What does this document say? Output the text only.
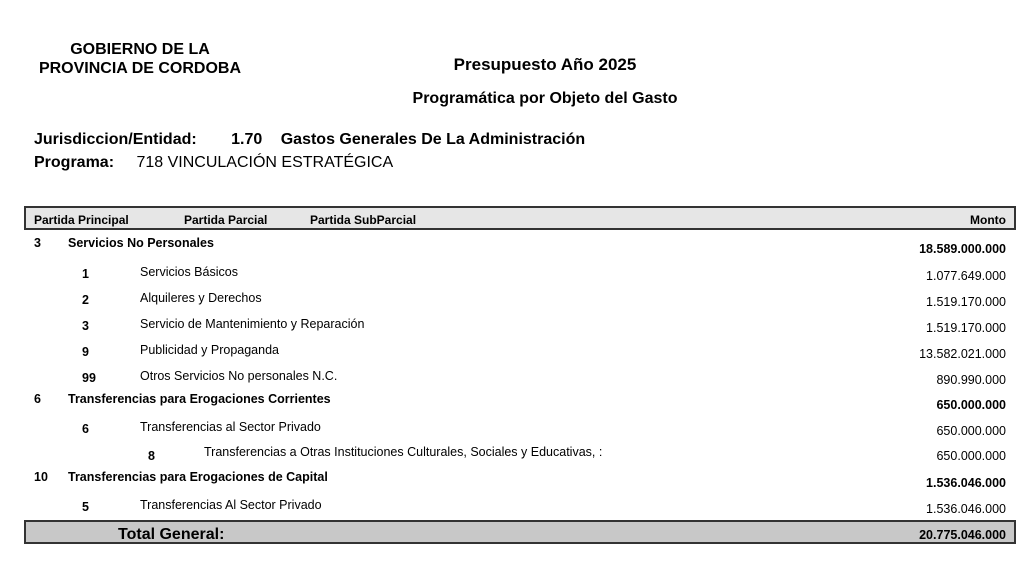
GOBIERNO DE LA
PROVINCIA DE CORDOBA	Presupuesto Año 2025
Programática por Objeto del Gasto
Jurisdiccion/Entidad: 1.70 Gastos Generales De La Administración
Programa: 718 VINCULACIÓN ESTRATÉGICA
Partida Principal	Partida Parcial	Partida SubParcial	Monto
3 Servicios No Personales	18.589.000.000
1	Servicios Básicos	1.077.649.000
2	Alquileres y Derechos	1.519.170.000
3	Servicio de Mantenimiento y Reparación	1.519.170.000
9	Publicidad y Propaganda	13.582.021.000
99	Otros Servicios No personales N.C.	890.990.000
6 Transferencias para Erogaciones Corrientes	650.000.000
6	Transferencias al Sector Privado	650.000.000
8	Transferencias a Otras Instituciones Culturales, Sociales y Educativas, :	650.000.000
10 Transferencias para Erogaciones de Capital	1.536.046.000
5	Transferencias Al Sector Privado	1.536.046.000
Total General:	20.775.046.000
